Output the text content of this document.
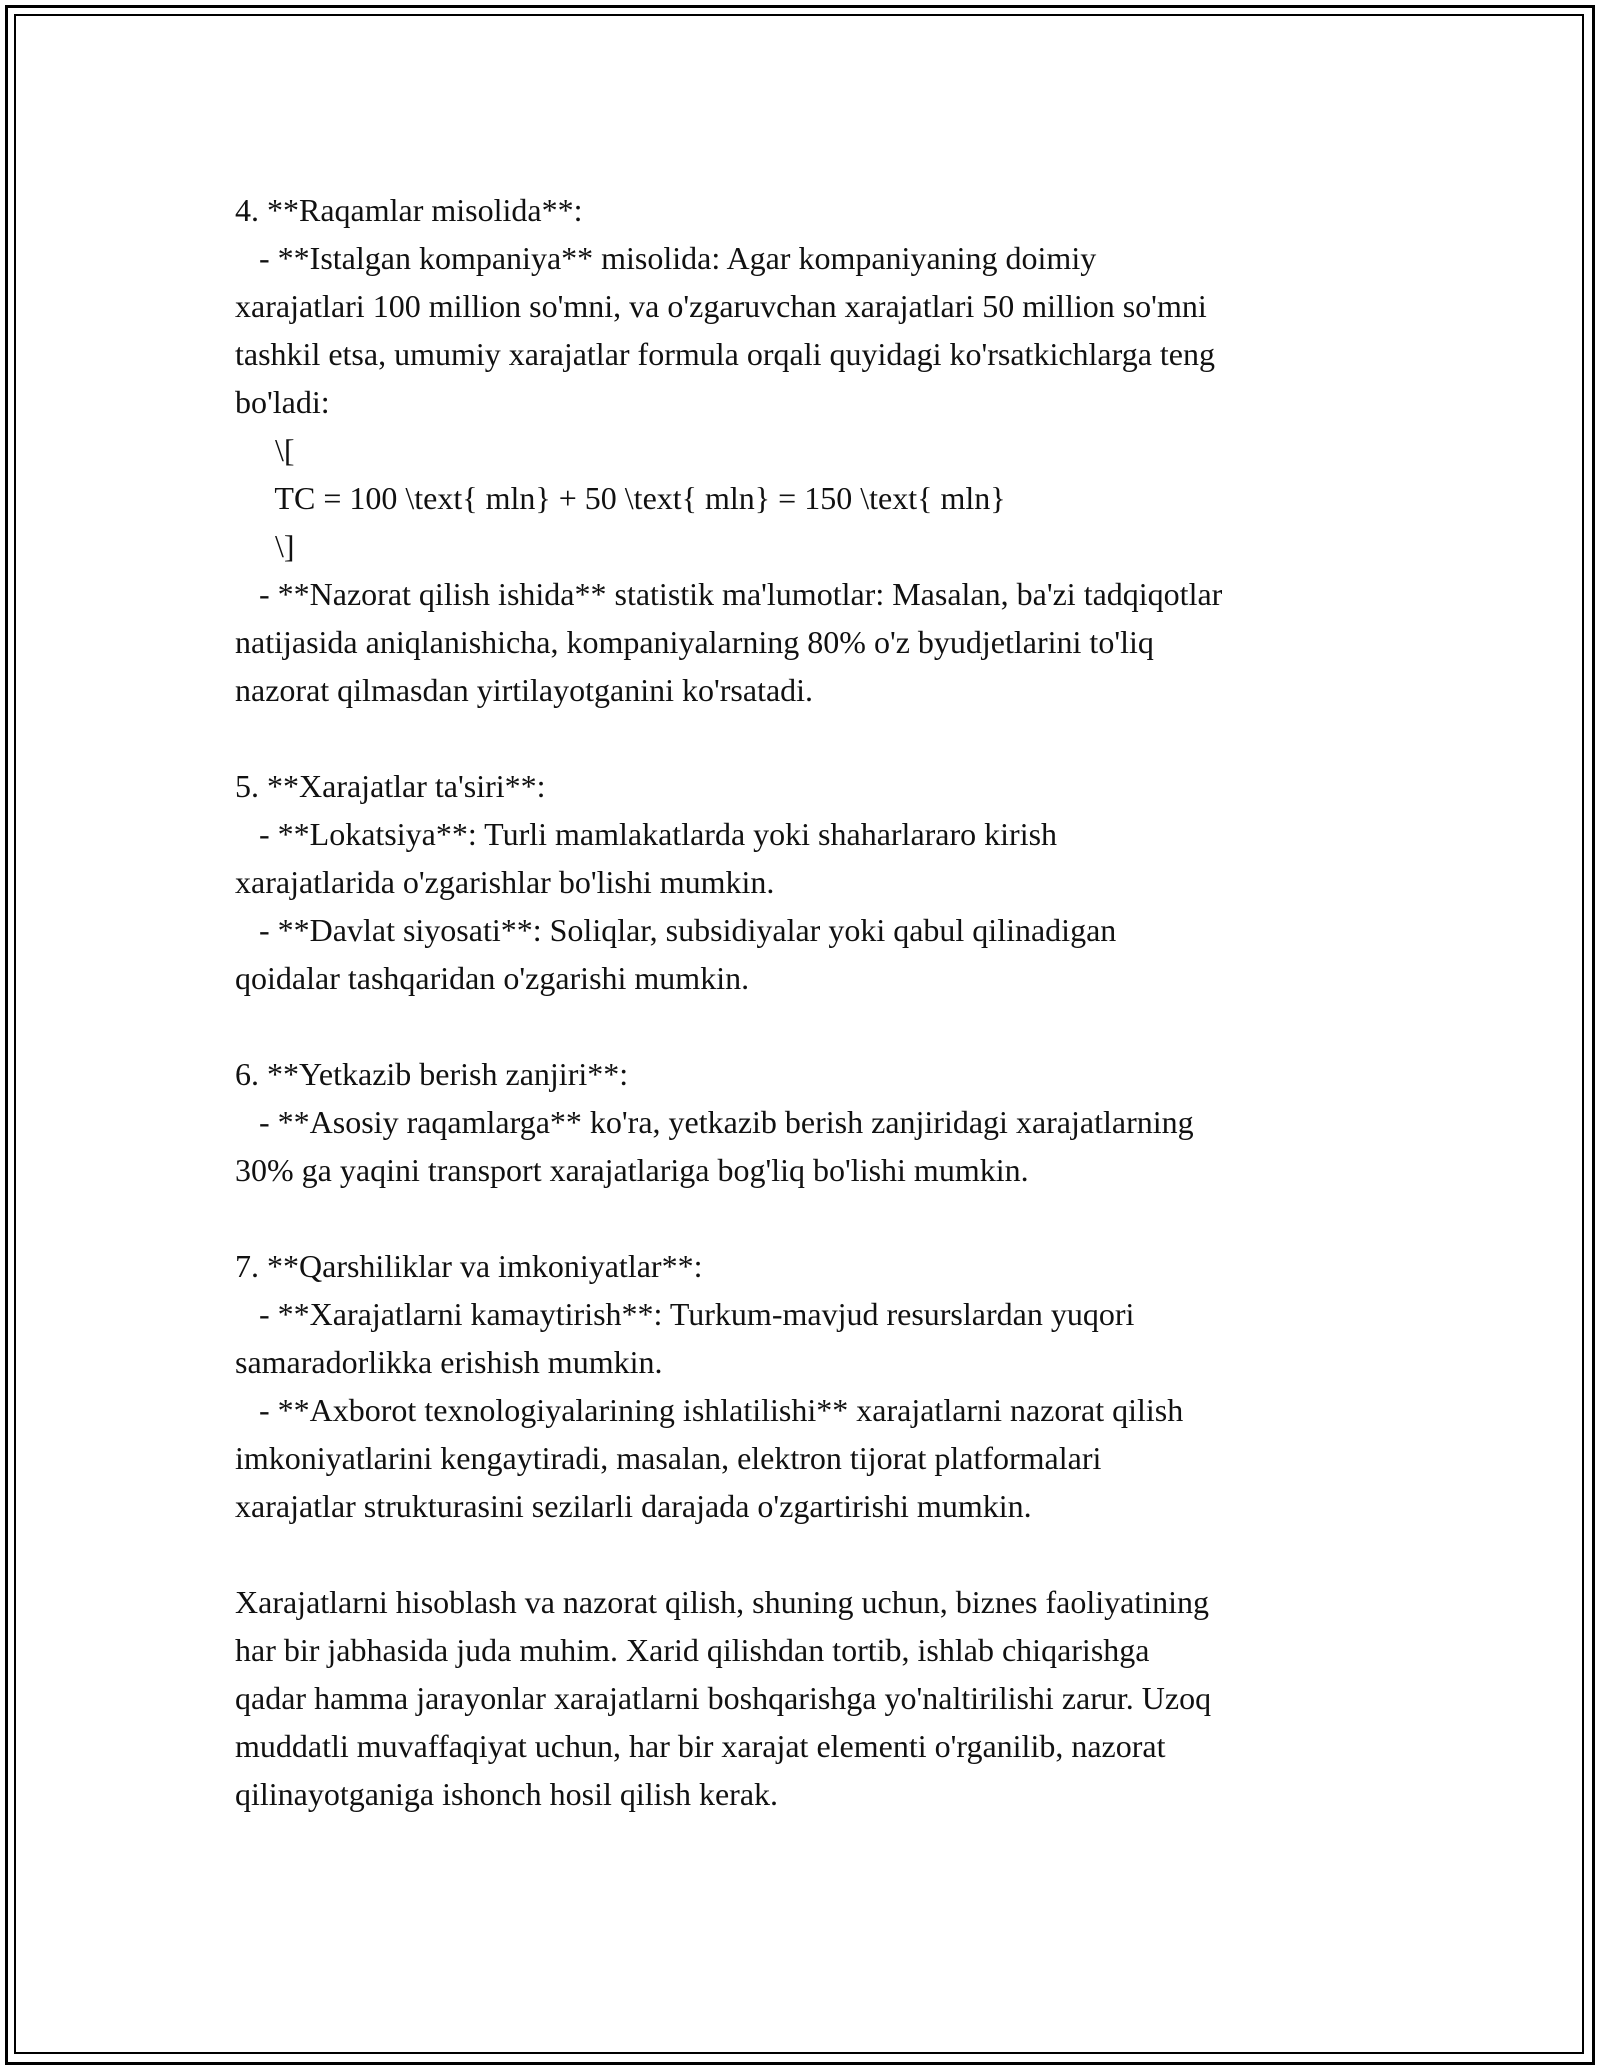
4. **Raqamlar misolida**:
- **Istalgan kompaniya** misolida: Agar kompaniyaning doimiy
xarajatlari 100 million so'mni, va o'zgaruvchan xarajatlari 50 million so'mni
tashkil etsa, umumiy xarajatlar formula orqali quyidagi ko'rsatkichlarga teng
bo'ladi:
\[
TC = 100 \text{ mln} + 50 \text{ mln} = 150 \text{ mln}
\]
- **Nazorat qilish ishida** statistik ma'lumotlar: Masalan, ba'zi tadqiqotlar
natijasida aniqlanishicha, kompaniyalarning 80% o'z byudjetlarini to'liq
nazorat qilmasdan yirtilayotganini ko'rsatadi.
5. **Xarajatlar ta'siri**:
- **Lokatsiya**: Turli mamlakatlarda yoki shaharlararo kirish
xarajatlarida o'zgarishlar bo'lishi mumkin.
- **Davlat siyosati**: Soliqlar, subsidiyalar yoki qabul qilinadigan
qoidalar tashqaridan o'zgarishi mumkin.
6. **Yetkazib berish zanjiri**:
- **Asosiy raqamlarga** ko'ra, yetkazib berish zanjiridagi xarajatlarning
30% ga yaqini transport xarajatlariga bog'liq bo'lishi mumkin.
7. **Qarshiliklar va imkoniyatlar**:
- **Xarajatlarni kamaytirish**: Turkum-mavjud resurslardan yuqori
samaradorlikka erishish mumkin.
- **Axborot texnologiyalarining ishlatilishi** xarajatlarni nazorat qilish
imkoniyatlarini kengaytiradi, masalan, elektron tijorat platformalari
xarajatlar strukturasini sezilarli darajada o'zgartirishi mumkin.
Xarajatlarni hisoblash va nazorat qilish, shuning uchun, biznes faoliyatining
har bir jabhasida juda muhim. Xarid qilishdan tortib, ishlab chiqarishga
qadar hamma jarayonlar xarajatlarni boshqarishga yo'naltirilishi zarur. Uzoq
muddatli muvaffaqiyat uchun, har bir xarajat elementi o'rganilib, nazorat
qilinayotganiga ishonch hosil qilish kerak.
